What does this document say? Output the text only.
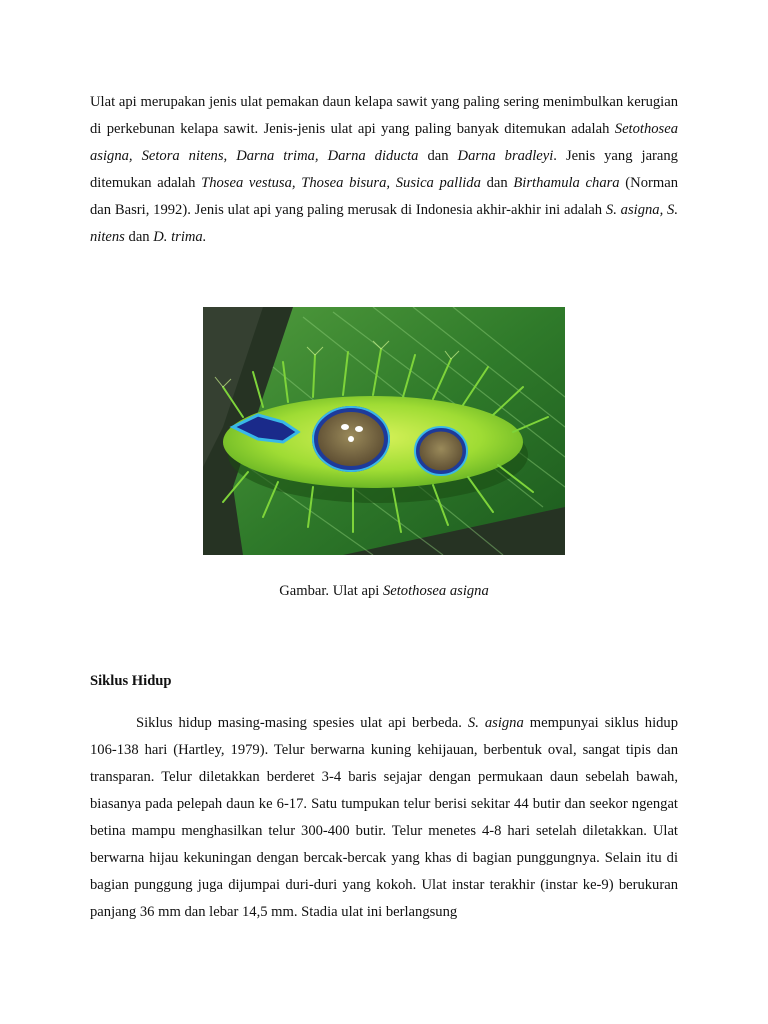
Ulat api merupakan jenis ulat pemakan daun kelapa sawit yang paling sering menimbulkan kerugian di perkebunan kelapa sawit. Jenis-jenis ulat api yang paling banyak ditemukan adalah Setothosea asigna, Setora nitens, Darna trima, Darna diducta dan Darna bradleyi. Jenis yang jarang ditemukan adalah Thosea vestusa, Thosea bisura, Susica pallida dan Birthamula chara (Norman dan Basri, 1992). Jenis ulat api yang paling merusak di Indonesia akhir-akhir ini adalah S. asigna, S. nitens dan D. trima.

Gambar. Ulat api Setothosea asigna

Siklus Hidup

Siklus hidup masing-masing spesies ulat api berbeda. S. asigna mempunyai siklus hidup 106-138 hari (Hartley, 1979). Telur berwarna kuning kehijauan, berbentuk oval, sangat tipis dan transparan. Telur diletakkan berderet 3-4 baris sejajar dengan permukaan daun sebelah bawah, biasanya pada pelepah daun ke 6-17. Satu tumpukan telur berisi sekitar 44 butir dan seekor ngengat betina mampu menghasilkan telur 300-400 butir. Telur menetes 4-8 hari setelah diletakkan. Ulat berwarna hijau kekuningan dengan bercak-bercak yang khas di bagian punggungnya. Selain itu di bagian punggung juga dijumpai duri-duri yang kokoh. Ulat instar terakhir (instar ke-9) berukuran panjang 36 mm dan lebar 14,5 mm. Stadia ulat ini berlangsung
